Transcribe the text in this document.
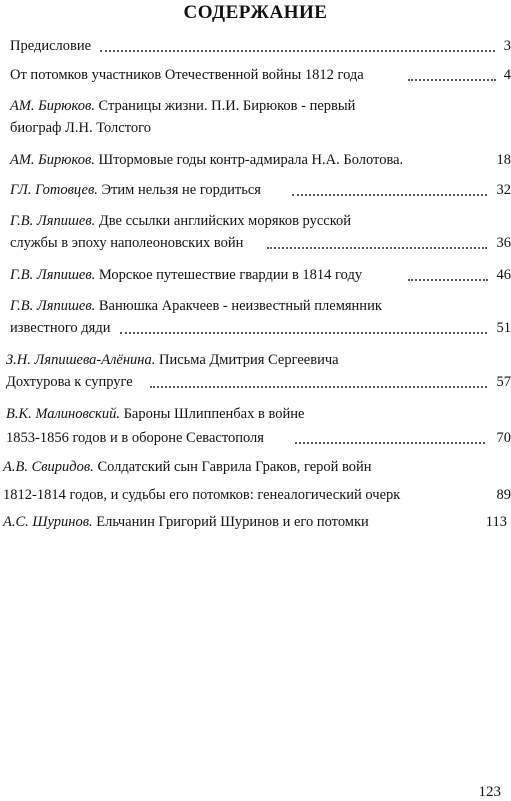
СОДЕРЖАНИЕ
Предисловие	3
От потомков участников Отечественной войны 1812 года	4
АМ. Бирюков. Страницы жизни. П.И. Бирюков - первый
биограф Л.Н. Толстого
АМ. Бирюков. Штормовые годы контр-адмирала Н.А. Болотова.	18
ГЛ. Готовцев. Этим нельзя не гордиться	32
Г.В. Ляпишев. Две ссылки английских моряков русской
службы в эпоху наполеоновских войн	36
Г.В. Ляпишев. Морское путешествие гвардии в 1814 году	46
Г.В. Ляпишев. Ванюшка Аракчеев - неизвестный племянник
известного дяди	51
З.Н. Ляпишева-Алёнина. Письма Дмитрия Сергеевича
Дохтурова к супруге	57
В.К. Малиновский. Бароны Шлиппенбах в войне
1853-1856 годов и в обороне Севастополя	70
А.В. Свиридов. Солдатский сын Гаврила Граков, герой войн
1812-1814 годов, и судьбы его потомков: генеалогический очерк	89
А.С. Шуринов. Ельчанин Григорий Шуринов и его потомки	113
123
